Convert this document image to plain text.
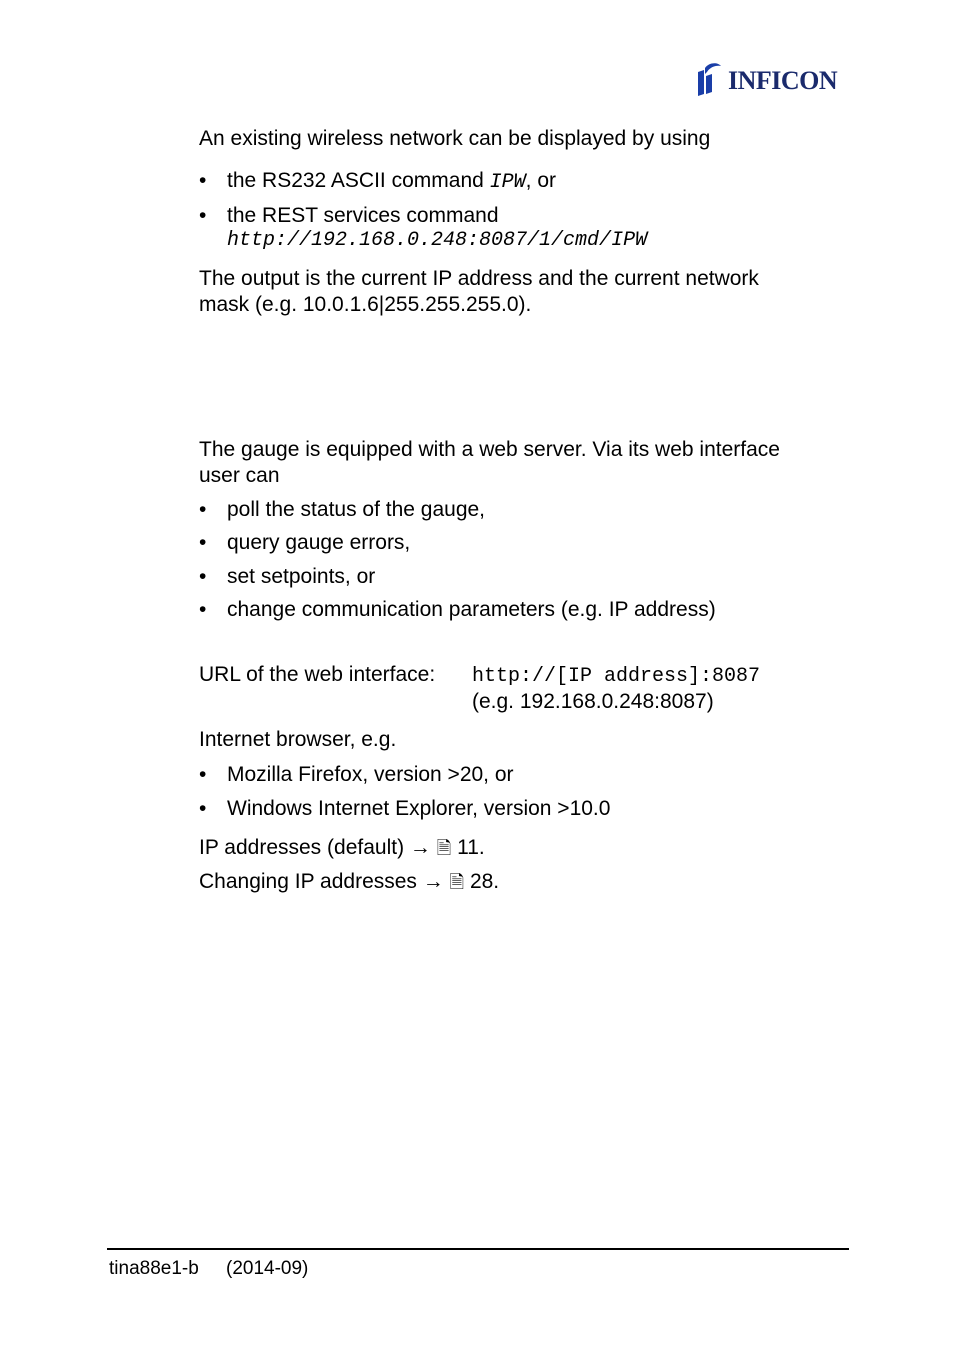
INFICON
An existing wireless network can be displayed by using
• the RS232 ASCII command IPW, or
• the REST services command
http://192.168.0.248:8087/1/cmd/IPW
The output is the current IP address and the current network
mask (e.g. 10.0.1.6|255.255.255.0).
The gauge is equipped with a web server. Via its web interface
user can
• poll the status of the gauge,
• query gauge errors,
• set setpoints, or
• change communication parameters (e.g. IP address)
URL of the web interface: http://[IP address]:8087
(e.g. 192.168.0.248:8087)
Internet browser, e.g.
• Mozilla Firefox, version >20, or
• Windows Internet Explorer, version >10.0
IP addresses (default) → 🗎 11.
Changing IP addresses → 🗎 28.
tina88e1-b (2014-09)
